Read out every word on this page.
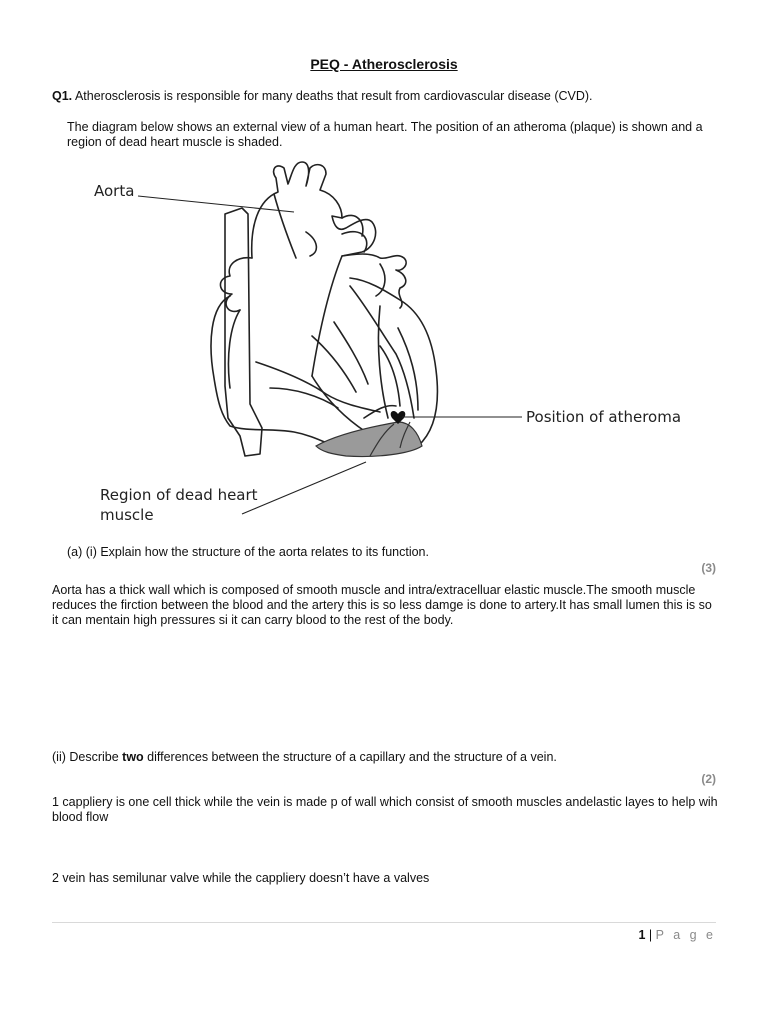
PEQ - Atherosclerosis
Q1. Atherosclerosis is responsible for many deaths that result from cardiovascular disease (CVD).
The diagram below shows an external view of a human heart. The position of an atheroma (plaque) is shown and a region of dead heart muscle is shaded.
Aorta
Position of atheroma
Region of dead heart
muscle
(a) (i) Explain how the structure of the aorta relates to its function.
(3)
Aorta has a thick wall which is composed of smooth muscle and intra/extracelluar elastic muscle.The smooth muscle reduces the firction between the blood and the artery this is so less damge is done to artery.It has small lumen this is so it can mentain high pressures si it can carry blood to the rest of the body.
(ii) Describe two differences between the structure of a capillary and the structure of a vein.
(2)
1 cappliery is one cell thick while the vein is made p of wall which consist of smooth muscles andelastic layes to help wih blood flow
2 vein has semilunar valve while the cappliery doesn’t have a valves
1 | P a g e
